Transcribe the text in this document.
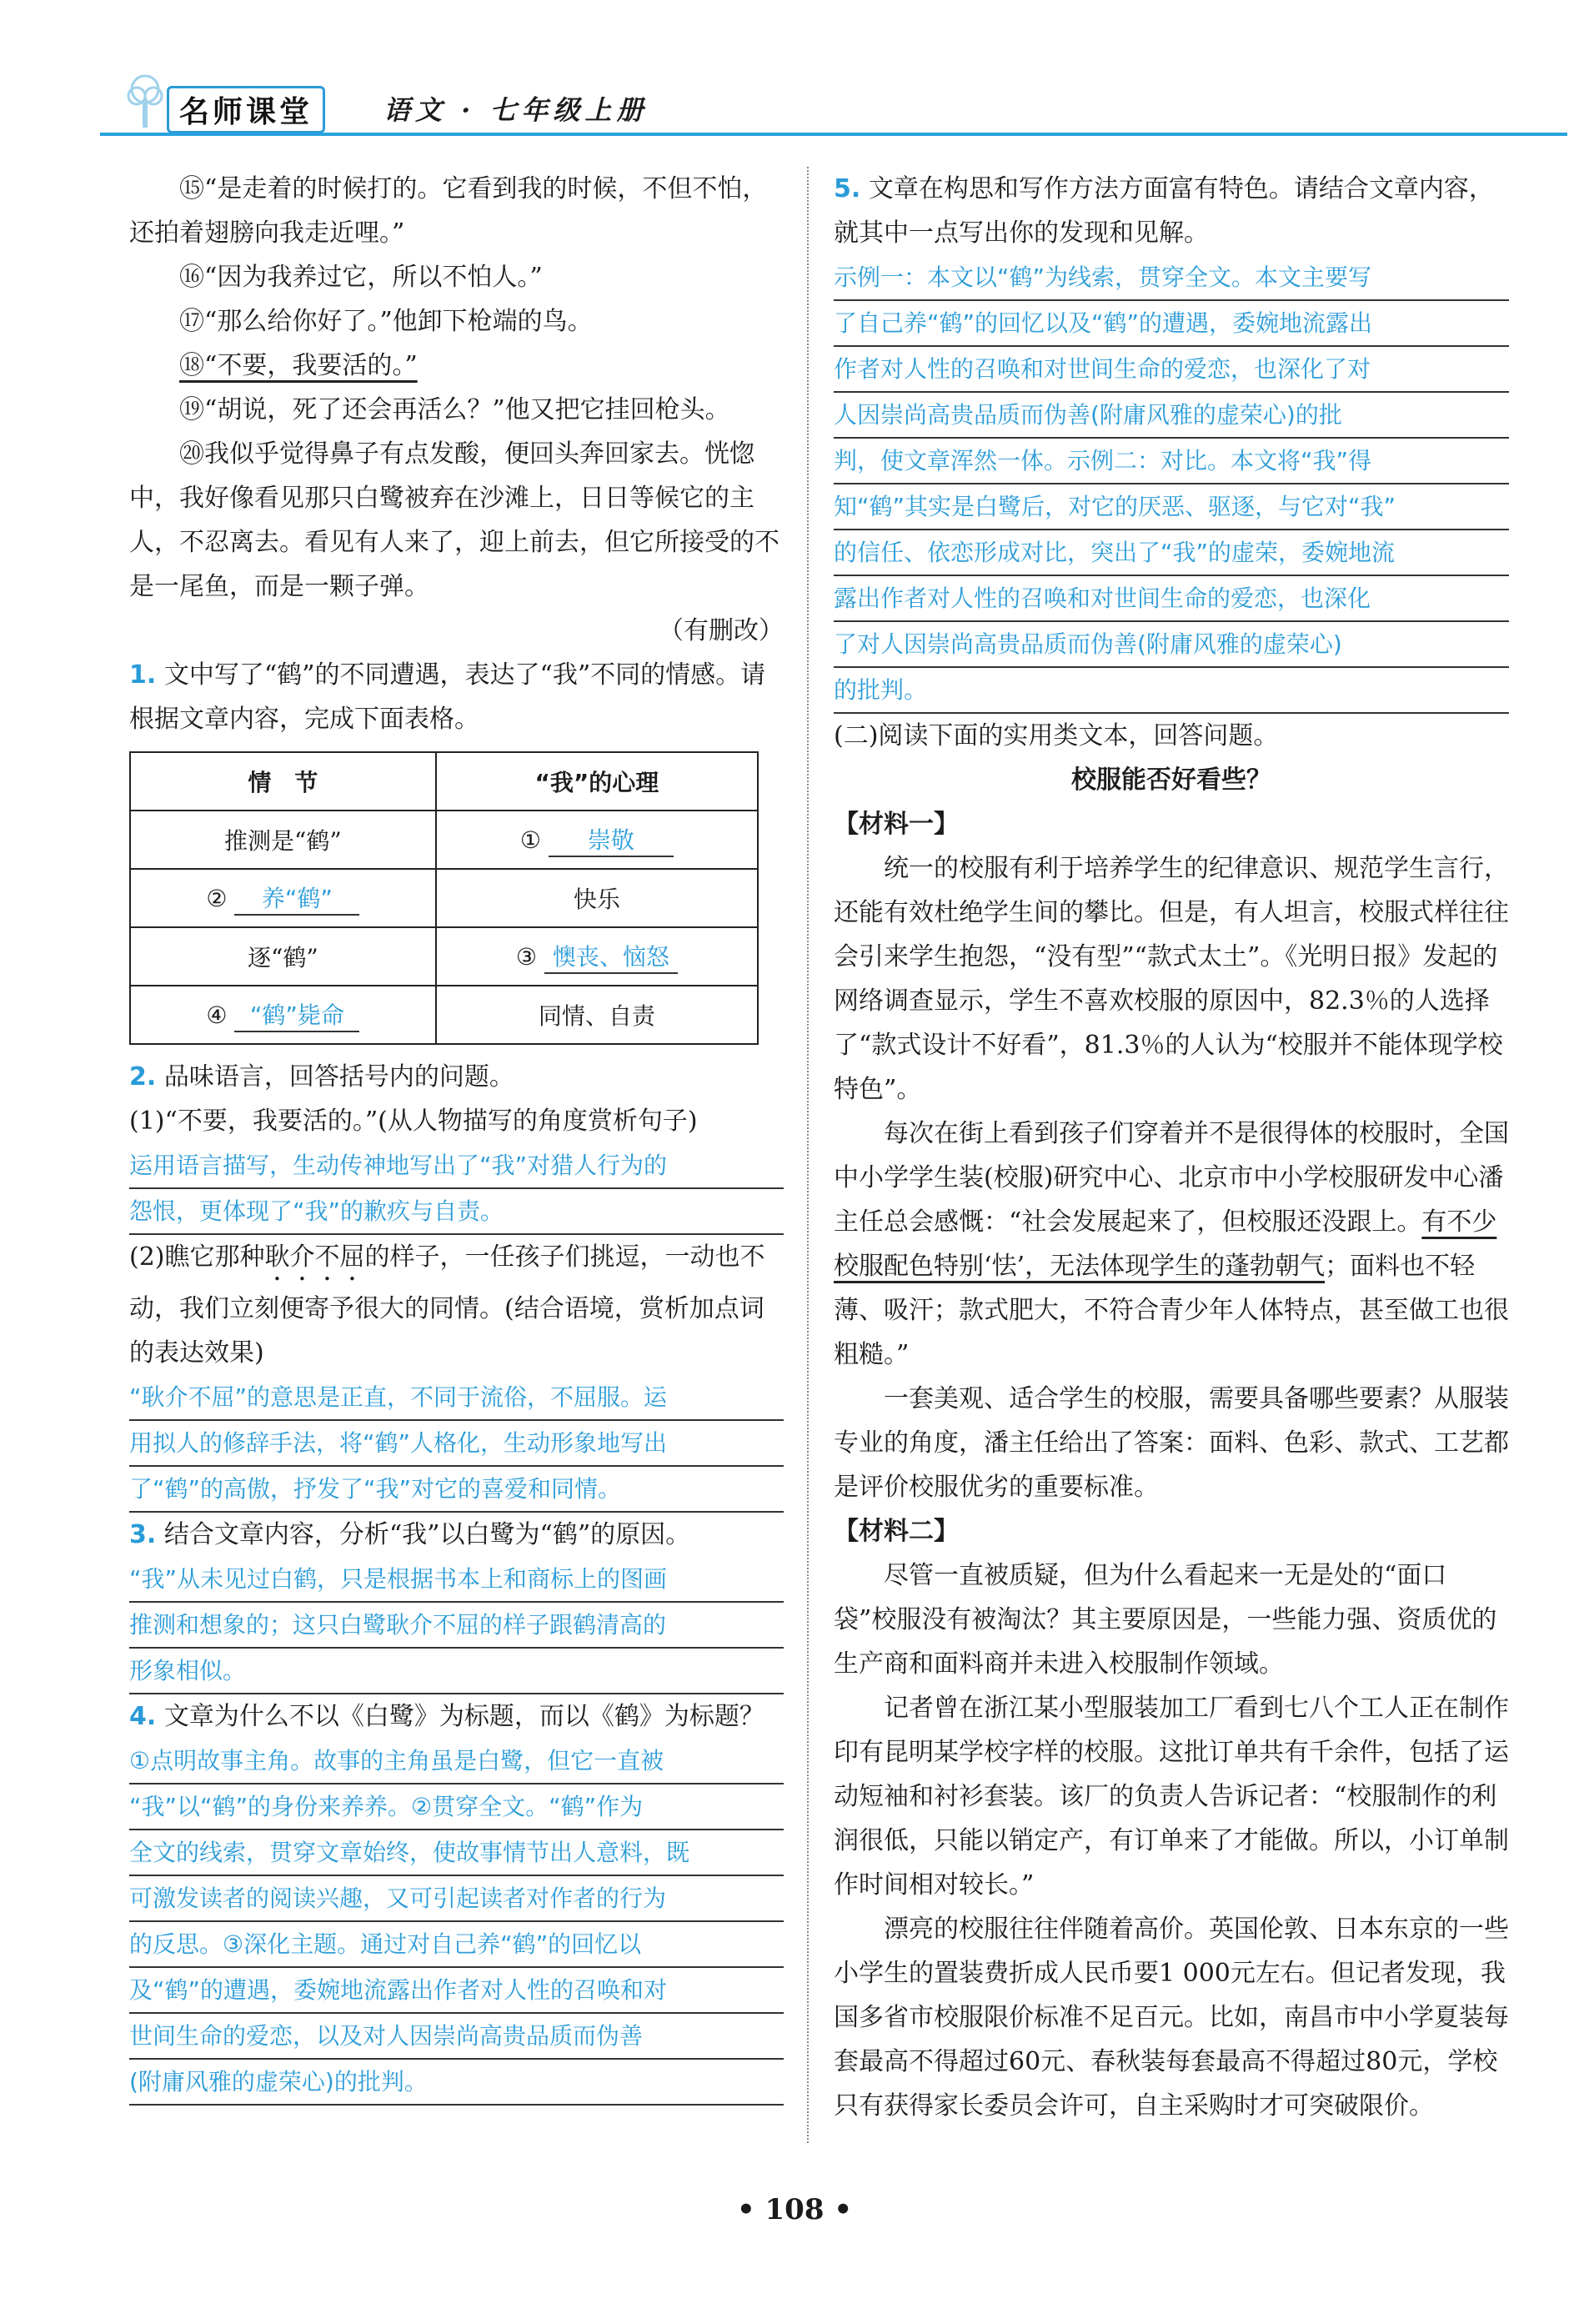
名师课堂	语文 · 七年级上册

⑮“是走着的时候打的。它看到我的时候，不但不怕，还拍着翅膀向我走近哩。”

⑯“因为我养过它，所以不怕人。”

⑰“那么给你好了。”他卸下枪端的鸟。

⑱“不要，我要活的。”

⑲“胡说，死了还会再活么？”他又把它挂回枪头。

⑳我似乎觉得鼻子有点发酸，便回头奔回家去。恍惚中，我好像看见那只白鹭被弃在沙滩上，日日等候它的主人，不忍离去。看见有人来了，迎上前去，但它所接受的不是一尾鱼，而是一颗子弹。

（有删改）

1. 文中写了“鹤”的不同遭遇，表达了“我”不同的情感。请根据文章内容，完成下面表格。

情　节	“我”的心理
推测是“鹤”	① 崇敬
② 养“鹤”	快乐
逐“鹤”	③ 懊丧、恼怒
④ “鹤”毙命	同情、自责

2. 品味语言，回答括号内的问题。

(1)“不要，我要活的。”(从人物描写的角度赏析句子)

运用语言描写，生动传神地写出了“我”对猎人行为的
怨恨，更体现了“我”的歉疚与自责。

(2)瞧它那种耿介不屈的样子，一任孩子们挑逗，一动也不动，我们立刻便寄予很大的同情。(结合语境，赏析加点词的表达效果)

“耿介不屈”的意思是正直，不同于流俗，不屈服。运
用拟人的修辞手法，将“鹤”人格化，生动形象地写出
了“鹤”的高傲，抒发了“我”对它的喜爱和同情。

3. 结合文章内容，分析“我”以白鹭为“鹤”的原因。

“我”从未见过白鹤，只是根据书本上和商标上的图画
推测和想象的；这只白鹭耿介不屈的样子跟鹤清高的
形象相似。

4. 文章为什么不以《白鹭》为标题，而以《鹤》为标题？

①点明故事主角。故事的主角虽是白鹭，但它一直被
“我”以“鹤”的身份来养养。②贯穿全文。“鹤”作为
全文的线索，贯穿文章始终，使故事情节出人意料，既
可激发读者的阅读兴趣，又可引起读者对作者的行为
的反思。③深化主题。通过对自己养“鹤”的回忆以
及“鹤”的遭遇，委婉地流露出作者对人性的召唤和对
世间生命的爱恋，以及对人因崇尚高贵品质而伪善
(附庸风雅的虚荣心)的批判。

5. 文章在构思和写作方法方面富有特色。请结合文章内容，就其中一点写出你的发现和见解。

示例一：本文以“鹤”为线索，贯穿全文。本文主要写
了自己养“鹤”的回忆以及“鹤”的遭遇，委婉地流露出
作者对人性的召唤和对世间生命的爱恋，也深化了对
人因崇尚高贵品质而伪善(附庸风雅的虚荣心)的批
判，使文章浑然一体。示例二：对比。本文将“我”得
知“鹤”其实是白鹭后，对它的厌恶、驱逐，与它对“我”
的信任、依恋形成对比，突出了“我”的虚荣，委婉地流
露出作者对人性的召唤和对世间生命的爱恋，也深化
了对人因崇尚高贵品质而伪善(附庸风雅的虚荣心)
的批判。

(二)阅读下面的实用类文本，回答问题。

校服能否好看些？
【材料一】

统一的校服有利于培养学生的纪律意识、规范学生言行，还能有效杜绝学生间的攀比。但是，有人坦言，校服式样往往会引来学生抱怨，“没有型”“款式太土”。《光明日报》发起的网络调查显示，学生不喜欢校服的原因中，82.3％的人选择了“款式设计不好看”，81.3％的人认为“校服并不能体现学校特色”。

每次在街上看到孩子们穿着并不是很得体的校服时，全国中小学学生装(校服)研究中心、北京市中小学校服研发中心潘主任总会感慨：“社会发展起来了，但校服还没跟上。有不少校服配色特别‘怯’，无法体现学生的蓬勃朝气；面料也不轻薄、吸汗；款式肥大，不符合青少年人体特点，甚至做工也很粗糙。”

一套美观、适合学生的校服，需要具备哪些要素？从服装专业的角度，潘主任给出了答案：面料、色彩、款式、工艺都是评价校服优劣的重要标准。

【材料二】

尽管一直被质疑，但为什么看起来一无是处的“面口袋”校服没有被淘汰？其主要原因是，一些能力强、资质优的生产商和面料商并未进入校服制作领域。

记者曾在浙江某小型服装加工厂看到七八个工人正在制作印有昆明某学校字样的校服。这批订单共有千余件，包括了运动短袖和衬衫套装。该厂的负责人告诉记者：“校服制作的利润很低，只能以销定产，有订单来了才能做。所以，小订单制作时间相对较长。”

漂亮的校服往往伴随着高价。英国伦敦、日本东京的一些小学生的置装费折成人民币要1 000元左右。但记者发现，我国多省市校服限价标准不足百元。比如，南昌市中小学夏装每套最高不得超过60元、春秋装每套最高不得超过80元，学校只有获得家长委员会许可，自主采购时才可突破限价。

• 108 •
